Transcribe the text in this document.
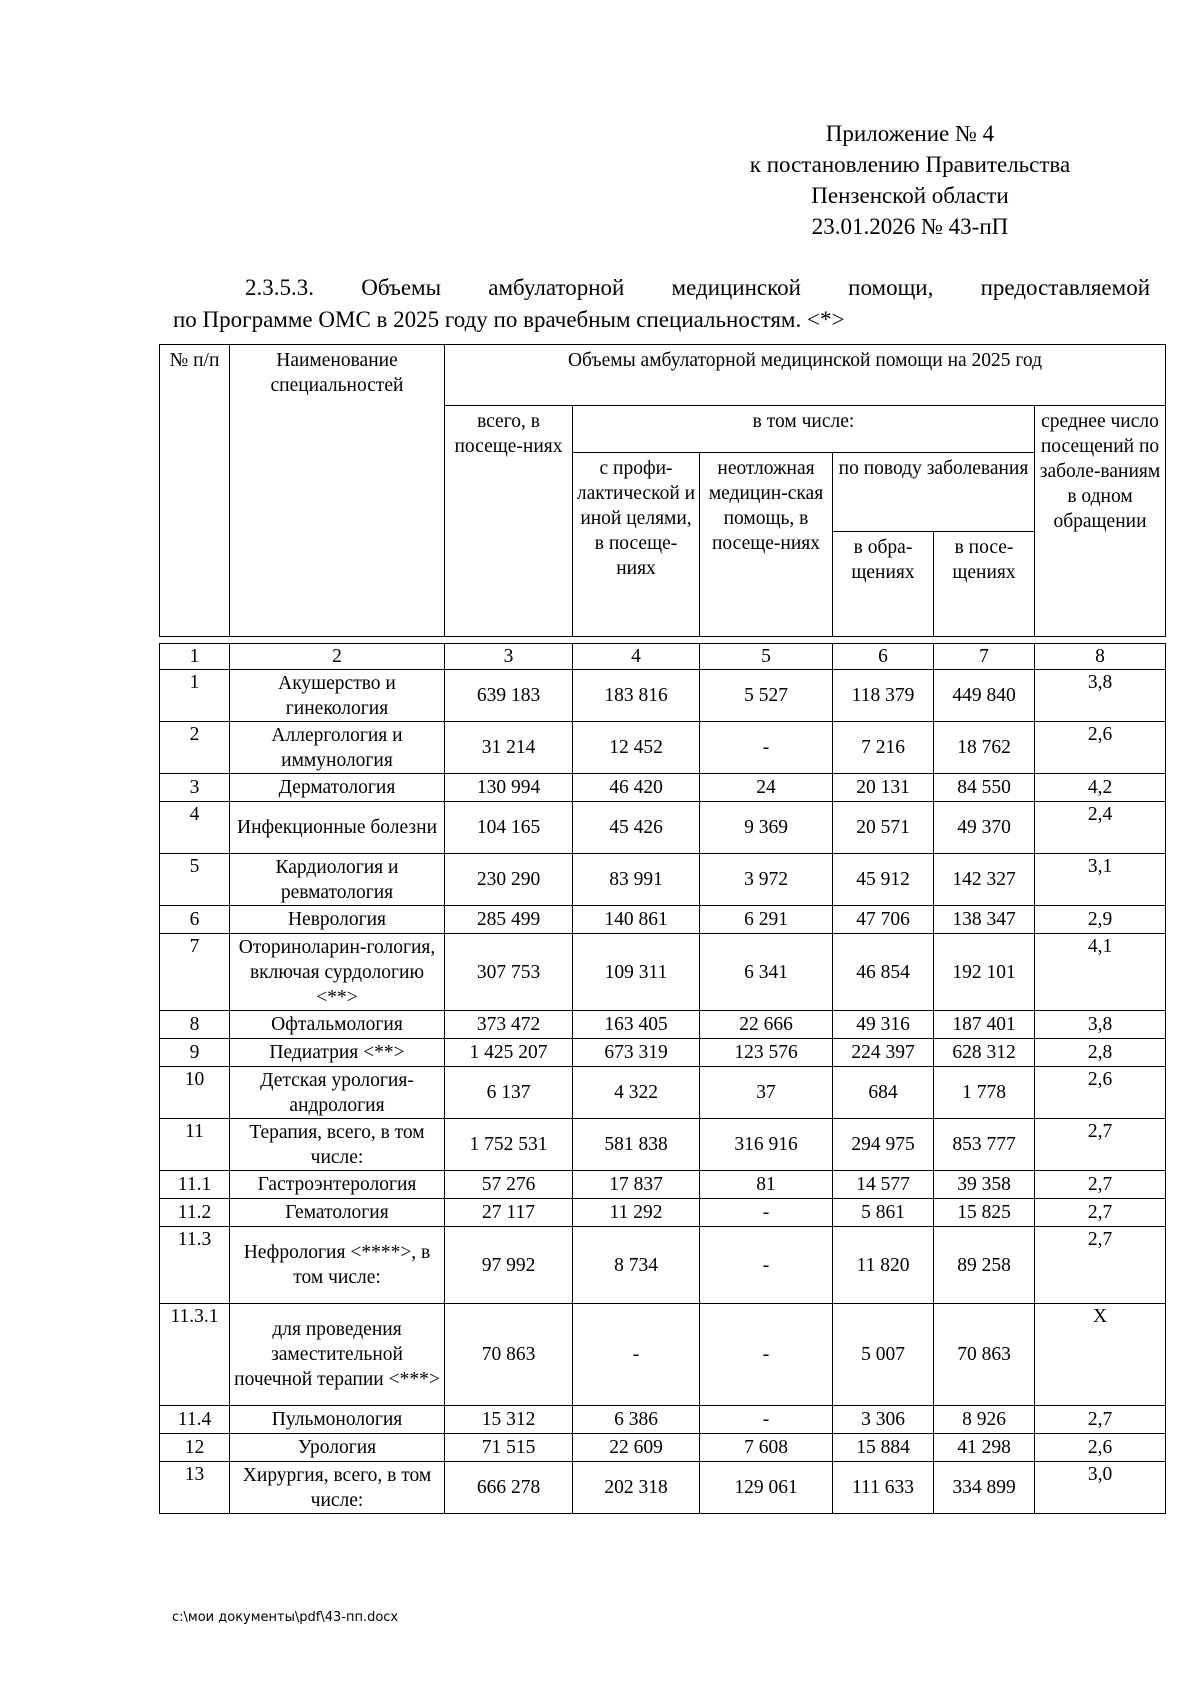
Приложение № 4
к постановлению Правительства
Пензенской области
23.01.2026 № 43-пП
2.3.5.3. Объемы амбулаторной медицинской помощи, предоставляемой
по Программе ОМС в 2025 году по врачебным специальностям. <*>
№ п/п	Наименование специальностей	Объемы амбулаторной медицинской помощи на 2025 год					
		всего, в посеще-ниях	в том числе:				среднее число посещений по заболе-ваниям в одном обращении
			с профи-лактической и иной целями, в посеще-ниях	неотложная медицин-ская помощь, в посеще-ниях	по поводу заболевания		
					в обра-щениях	в посе-щениях	
1	2	3	4	5	6	7	8
1	Акушерство и гинекология	639 183	183 816	5 527	118 379	449 840	3,8
2	Аллергология и иммунология	31 214	12 452	-	7 216	18 762	2,6
3	Дерматология	130 994	46 420	24	20 131	84 550	4,2
4	Инфекционные болезни	104 165	45 426	9 369	20 571	49 370	2,4
5	Кардиология и ревматология	230 290	83 991	3 972	45 912	142 327	3,1
6	Неврология	285 499	140 861	6 291	47 706	138 347	2,9
7	Оториноларин-гология, включая сурдологию <**>	307 753	109 311	6 341	46 854	192 101	4,1
8	Офтальмология	373 472	163 405	22 666	49 316	187 401	3,8
9	Педиатрия <**>	1 425 207	673 319	123 576	224 397	628 312	2,8
10	Детская урология-андрология	6 137	4 322	37	684	1 778	2,6
11	Терапия, всего, в том числе:	1 752 531	581 838	316 916	294 975	853 777	2,7
11.1	Гастроэнтерология	57 276	17 837	81	14 577	39 358	2,7
11.2	Гематология	27 117	11 292	-	5 861	15 825	2,7
11.3	Нефрология <****>, в том числе:	97 992	8 734	-	11 820	89 258	2,7
11.3.1	для проведения заместительной почечной терапии <***>	70 863	-	-	5 007	70 863	Х
11.4	Пульмонология	15 312	6 386	-	3 306	8 926	2,7
12	Урология	71 515	22 609	7 608	15 884	41 298	2,6
13	Хирургия, всего, в том числе:	666 278	202 318	129 061	111 633	334 899	3,0
c:\мои документы\pdf\43-пп.docx
